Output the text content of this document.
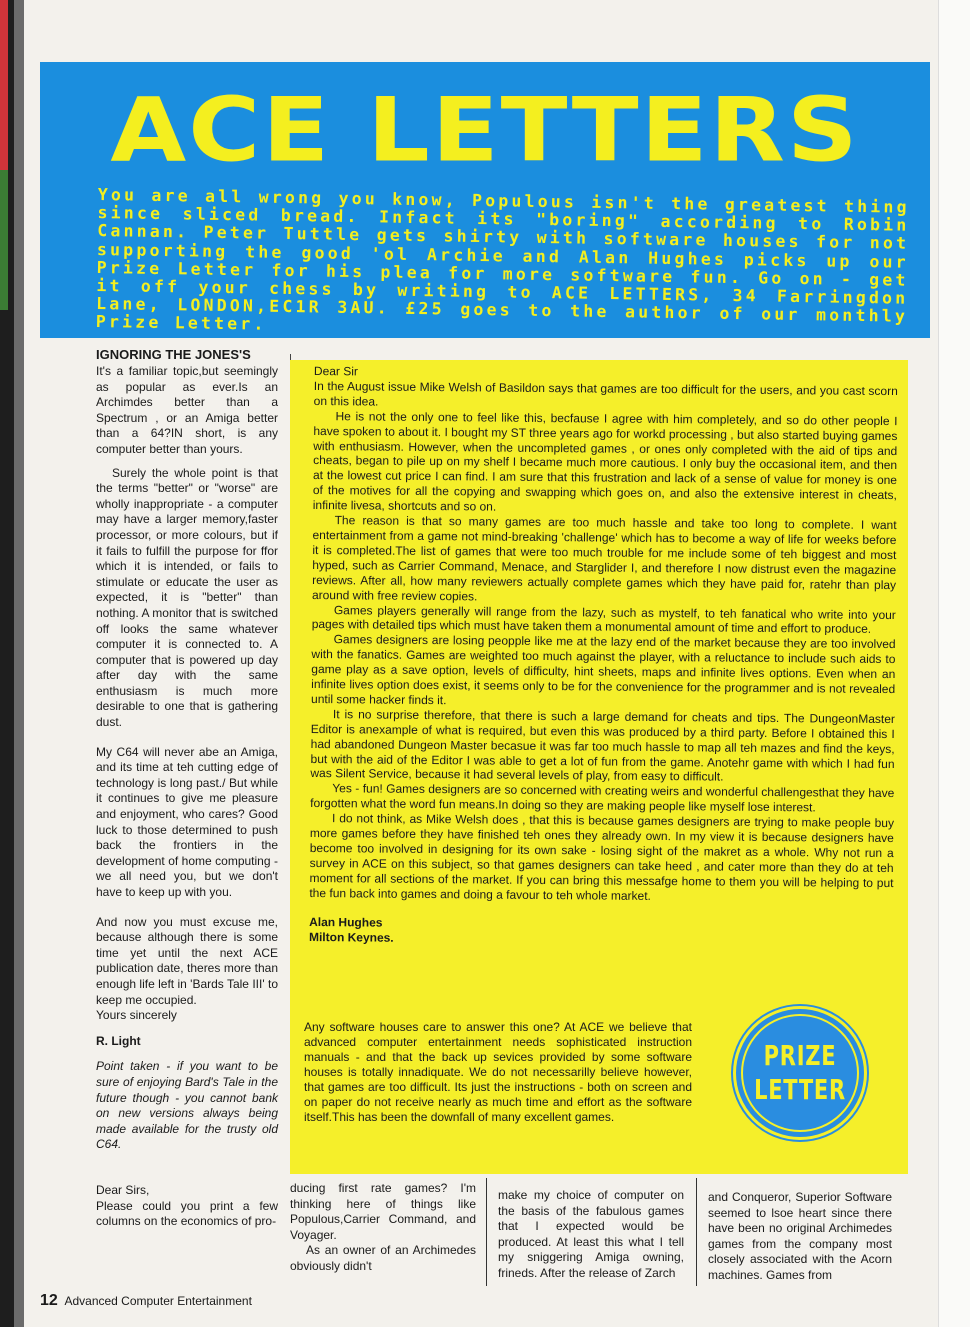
ACE LETTERS
You are all wrong you know, Populous isn't the greatest thing since sliced bread. Infact its "boring" according to Robin Cannan. Peter Tuttle gets shirty with software houses for not supporting the good 'ol Archie and Alan Hughes picks up our Prize Letter for his plea for more software fun. Go on - get it off your chess by writing to ACE LETTERS, 34 Farringdon Lane, LONDON,EC1R 3AU. £25 goes to the author of our monthly Prize Letter.
IGNORING THE JONES'S

It's a familiar topic,but seemingly as popular as ever.Is an Archimdes better than a Spectrum , or an Amiga better than a 64?IN short, is any computer better than yours.

Surely the whole point is that the terms "better" or "worse" are wholly inappropriate - a computer may have a larger memory,faster processor, or more colours, but if it fails to fulfill the purpose for ffor which it is intended, or fails to stimulate or educate the user as expected, it is "better" than nothing. A monitor that is switched off looks the same whatever computer it is connected to. A computer that is powered up day after day with the same enthusiasm is much more desirable to one that is gathering dust.

My C64 will never abe an Amiga, and its time at teh cutting edge of technology is long past./ But while it continues to give me pleasure and enjoyment, who cares? Good luck to those determined to push back the frontiers in the development of home computing - we all need you, but we don't have to keep up with you.

And now you must excuse me, because although there is some time yet until the next ACE publication date, theres more than enough life left in 'Bards Tale III' to keep me occupied.

Yours sincerely

R. Light

Point taken - if you want to be sure of enjoying Bard's Tale in the future though - you cannot bank on new versions always being made available for the trusty old C64.

Dear Sirs,

Please could you print a few columns on the economics of pro-

Dear Sir

In the August issue Mike Welsh of Basildon says that games are too difficult for the users, and you cast scorn on this idea.

He is not the only one to feel like this, becfause I agree with him completely, and so do other people I have spoken to about it. I bought my ST three years ago for workd processing , but also started buying games with enthusiasm. However, when the uncompleted games , or ones only completed with the aid of tips and cheats, began to pile up on my shelf I became much more cautious. I only buy the occasional item, and then at the lowest cut price I can find. I am sure that this frustration and lack of a sense of value for money is one of the motives for all the copying and swapping which goes on, and also the extensive interest in cheats, infinite livesa, shortcuts and so on.

The reason is that so many games are too much hassle and take too long to complete. I want entertainment from a game not mind-breaking 'challenge' which has to become a way of life for weeks before it is completed.The list of games that were too much trouble for me include some of teh biggest and most hyped, such as Carrier Command, Menace, and Starglider I, and therefore I now distrust even the magazine reviews. After all, how many reviewers actually complete games which they have paid for, ratehr than play around with free review copies.

Games players generally will range from the lazy, such as mystelf, to teh fanatical who write into your pages with detailed tips which must have taken them a monumental amount of time and effort to produce.

Games designers are losing peopple like me at the lazy end of the market because they are too involved with the fanatics. Games are weighted too much against the player, with a reluctance to include such aids to game play as a save option, levels of difficulty, hint sheets, maps and infinite lives options. Even when an infinite lives option does exist, it seems only to be for the convenience for the programmer and is not revealed until some hacker finds it.

It is no surprise therefore, that there is such a large demand for cheats and tips. The DungeonMaster Editor is anexample of what is required, but even this was produced by a third party. Before I obtained this I had abandoned Dungeon Master becasue it was far too much hassle to map all teh mazes and find the keys, but with the aid of the Editor I was able to get a lot of fun from the game. Anotehr game with which I had fun was Silent Service, because it had several levels of play, from easy to difficult.

Yes - fun! Games designers are so concerned with creating weirs and wonderful challengesthat they have forgotten what the word fun means.In doing so they are making people like myself lose interest.

I do not think, as Mike Welsh does , that this is because games designers are trying to make people buy more games before they have finished teh ones they already own. In my view it is because designers have become too involved in designing for its own sake - losing sight of the makret as a whole. Why not run a survey in ACE on this subject, so that games designers can take heed , and cater more than they do at teh moment for all sections of the market. If you can bring this messafge home to them you will be helping to put the fun back into games and doing a favour to teh whole market.

Alan Hughes
Milton Keynes.

Any software houses care to answer this one? At ACE we believe that advanced computer entertainment needs sophisticated instruction manuals - and that the back up sevices provided by some software houses is totally innadiquate. We do not necessarilly believe however, that games are too difficult. Its just the instructions - both on screen and on paper do not receive nearly as much time and effort as the software itself.This has been the downfall of many excellent games.

PRIZE
LETTER

ducing first rate games? I'm thinking here of things like Populous,Carrier Command, and Voyager.

As an owner of an Archimedes obviously didn't

make my choice of computer on the basis of the fabulous games that I expected would be produced. At least this what I tell my sniggering Amiga owning, frineds. After the release of Zarch

and Conqueror, Superior Software seemed to lsoe heart since there have been no original Archimedes games from the company most closely associated with the Acorn machines. Games from

12 Advanced Computer Entertainment
